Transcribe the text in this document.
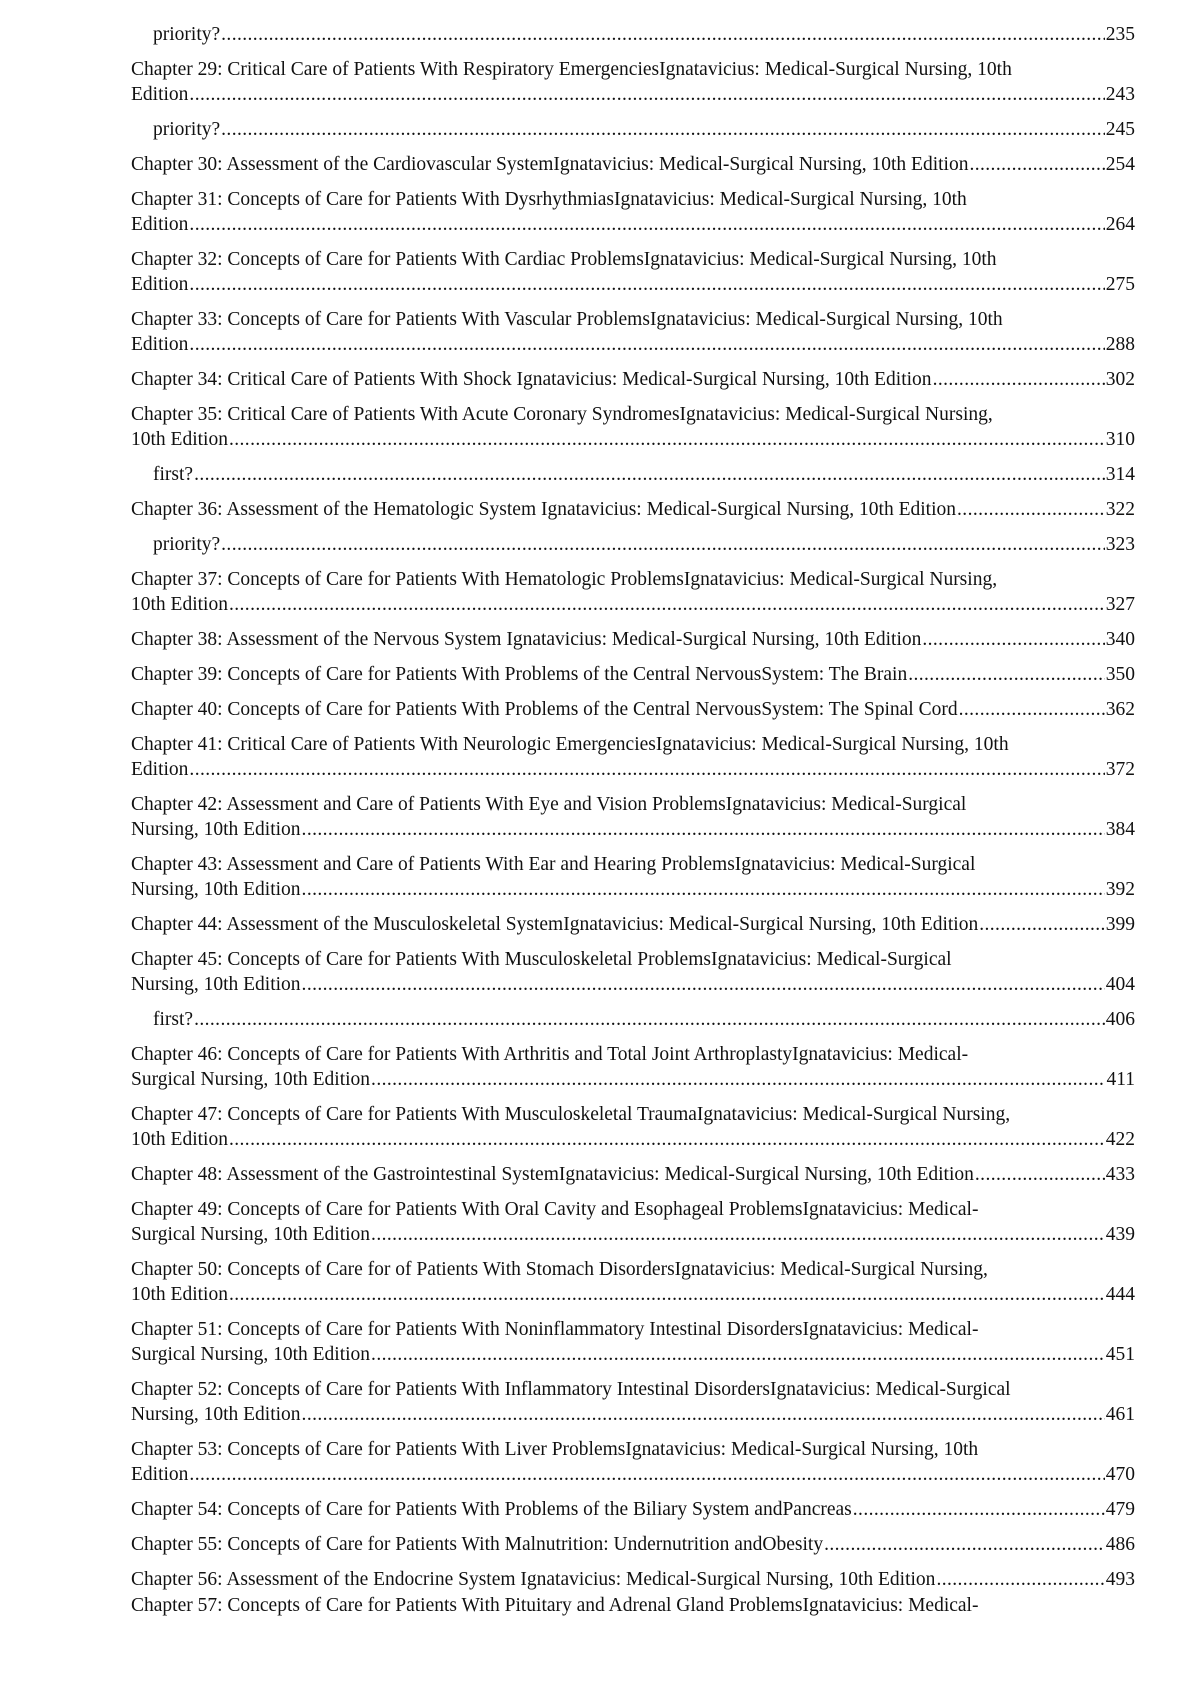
priority? .....	235
Chapter 29: Critical Care of Patients With Respiratory EmergenciesIgnatavicius: Medical-Surgical Nursing, 10th
Edition .....	243
priority? .....	245
Chapter 30: Assessment of the Cardiovascular SystemIgnatavicius: Medical-Surgical Nursing, 10th Edition .....	254
Chapter 31: Concepts of Care for Patients With DysrhythmiasIgnatavicius: Medical-Surgical Nursing, 10th
Edition .....	264
Chapter 32: Concepts of Care for Patients With Cardiac ProblemsIgnatavicius: Medical-Surgical Nursing, 10th
Edition .....	275
Chapter 33: Concepts of Care for Patients With Vascular ProblemsIgnatavicius: Medical-Surgical Nursing, 10th
Edition .....	288
Chapter 34: Critical Care of Patients With Shock Ignatavicius: Medical-Surgical Nursing, 10th Edition .....	302
Chapter 35: Critical Care of Patients With Acute Coronary SyndromesIgnatavicius: Medical-Surgical Nursing,
10th Edition .....	310
first? .....	314
Chapter 36: Assessment of the Hematologic System Ignatavicius: Medical-Surgical Nursing, 10th Edition .....	322
priority? .....	323
Chapter 37: Concepts of Care for Patients With Hematologic ProblemsIgnatavicius: Medical-Surgical Nursing,
10th Edition .....	327
Chapter 38: Assessment of the Nervous System Ignatavicius: Medical-Surgical Nursing, 10th Edition .....	340
Chapter 39: Concepts of Care for Patients With Problems of the Central NervousSystem: The Brain .....	350
Chapter 40: Concepts of Care for Patients With Problems of the Central NervousSystem: The Spinal Cord .....	362
Chapter 41: Critical Care of Patients With Neurologic EmergenciesIgnatavicius: Medical-Surgical Nursing, 10th
Edition .....	372
Chapter 42: Assessment and Care of Patients With Eye and Vision ProblemsIgnatavicius: Medical-Surgical
Nursing, 10th Edition .....	384
Chapter 43: Assessment and Care of Patients With Ear and Hearing ProblemsIgnatavicius: Medical-Surgical
Nursing, 10th Edition .....	392
Chapter 44: Assessment of the Musculoskeletal SystemIgnatavicius: Medical-Surgical Nursing, 10th Edition .....	399
Chapter 45: Concepts of Care for Patients With Musculoskeletal ProblemsIgnatavicius: Medical-Surgical
Nursing, 10th Edition .....	404
first? .....	406
Chapter 46: Concepts of Care for Patients With Arthritis and Total Joint ArthroplastyIgnatavicius: Medical-
Surgical Nursing, 10th Edition .....	411
Chapter 47: Concepts of Care for Patients With Musculoskeletal TraumaIgnatavicius: Medical-Surgical Nursing,
10th Edition .....	422
Chapter 48: Assessment of the Gastrointestinal SystemIgnatavicius: Medical-Surgical Nursing, 10th Edition .....	433
Chapter 49: Concepts of Care for Patients With Oral Cavity and Esophageal ProblemsIgnatavicius: Medical-
Surgical Nursing, 10th Edition .....	439
Chapter 50: Concepts of Care for of Patients With Stomach DisordersIgnatavicius: Medical-Surgical Nursing,
10th Edition .....	444
Chapter 51: Concepts of Care for Patients With Noninflammatory Intestinal DisordersIgnatavicius: Medical-
Surgical Nursing, 10th Edition .....	451
Chapter 52: Concepts of Care for Patients With Inflammatory Intestinal DisordersIgnatavicius: Medical-Surgical
Nursing, 10th Edition .....	461
Chapter 53: Concepts of Care for Patients With Liver ProblemsIgnatavicius: Medical-Surgical Nursing, 10th
Edition .....	470
Chapter 54: Concepts of Care for Patients With Problems of the Biliary System andPancreas .....	479
Chapter 55: Concepts of Care for Patients With Malnutrition: Undernutrition andObesity .....	486
Chapter 56: Assessment of the Endocrine System Ignatavicius: Medical-Surgical Nursing, 10th Edition .....	493
Chapter 57: Concepts of Care for Patients With Pituitary and Adrenal Gland ProblemsIgnatavicius: Medical-
